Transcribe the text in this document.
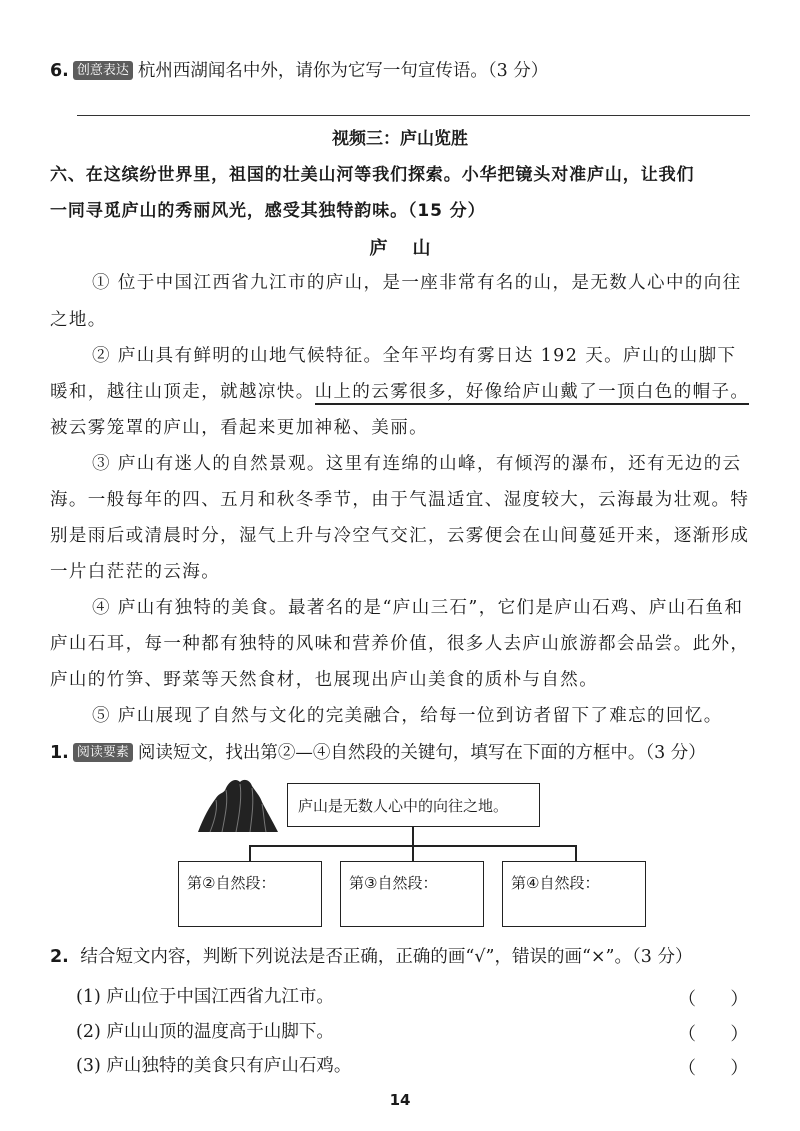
6. 创意表达 杭州西湖闻名中外，请你为它写一句宣传语。（3 分）
视频三：庐山览胜
六、在这缤纷世界里，祖国的壮美山河等我们探索。小华把镜头对准庐山，让我们
一同寻觅庐山的秀丽风光，感受其独特韵味。（15 分）
庐    山
① 位于中国江西省九江市的庐山，是一座非常有名的山，是无数人心中的向往
之地。
② 庐山具有鲜明的山地气候特征。全年平均有雾日达 192 天。庐山的山脚下
暖和，越往山顶走，就越凉快。山上的云雾很多，好像给庐山戴了一顶白色的帽子。
被云雾笼罩的庐山，看起来更加神秘、美丽。
③ 庐山有迷人的自然景观。这里有连绵的山峰，有倾泻的瀑布，还有无边的云
海。一般每年的四、五月和秋冬季节，由于气温适宜、湿度较大，云海最为壮观。特
别是雨后或清晨时分，湿气上升与冷空气交汇，云雾便会在山间蔓延开来，逐渐形成
一片白茫茫的云海。
④ 庐山有独特的美食。最著名的是“庐山三石”，它们是庐山石鸡、庐山石鱼和
庐山石耳，每一种都有独特的风味和营养价值，很多人去庐山旅游都会品尝。此外，
庐山的竹笋、野菜等天然食材，也展现出庐山美食的质朴与自然。
⑤ 庐山展现了自然与文化的完美融合，给每一位到访者留下了难忘的回忆。
1. 阅读要素 阅读短文，找出第②—④自然段的关键句，填写在下面的方框中。（3 分）
庐山是无数人心中的向往之地。
第②自然段：	第③自然段：	第④自然段：
2. 结合短文内容，判断下列说法是否正确，正确的画“√”，错误的画“×”。（3 分）
(1) 庐山位于中国江西省九江市。	（      ）
(2) 庐山山顶的温度高于山脚下。	（      ）
(3) 庐山独特的美食只有庐山石鸡。	（      ）
14
